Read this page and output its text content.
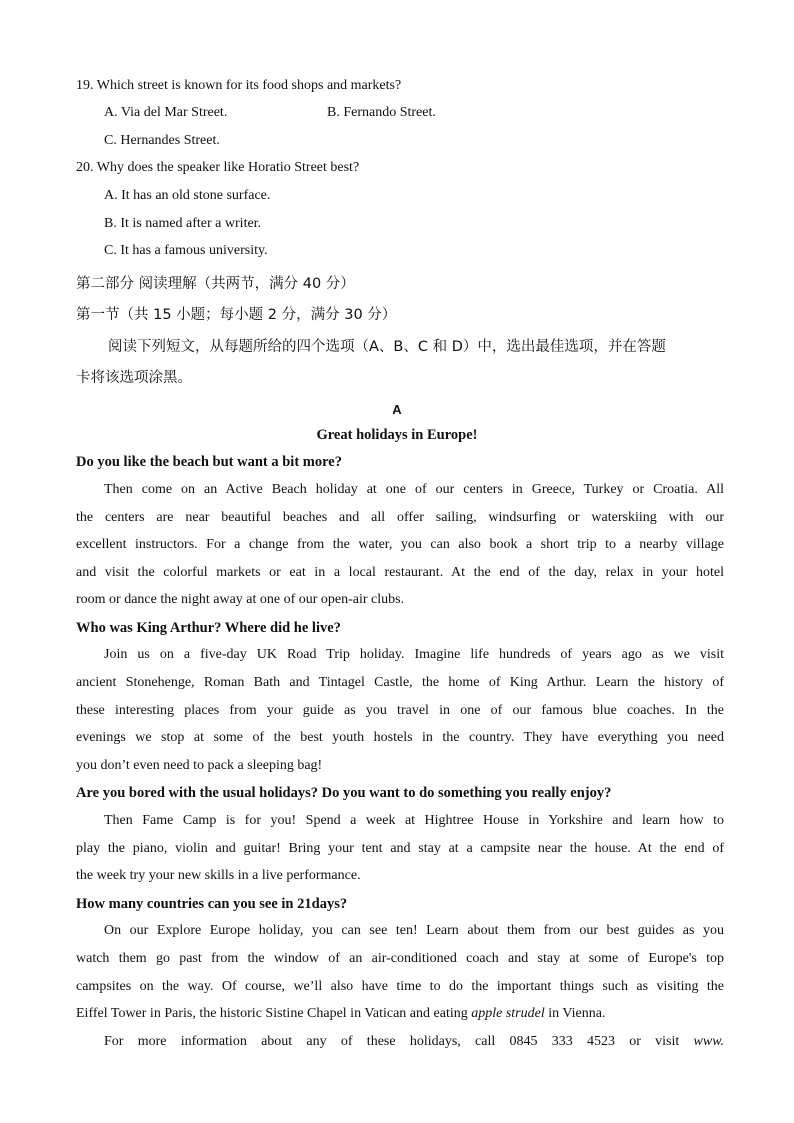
19. Which street is known for its food shops and markets?
A. Via del Mar Street.	B. Fernando Street.
C. Hernandes Street.
20. Why does the speaker like Horatio Street best?
A. It has an old stone surface.
B. It is named after a writer.
C. It has a famous university.
第二部分 阅读理解（共两节，满分 40 分）
第一节（共 15 小题；每小题 2 分，满分 30 分）
阅读下列短文，从每题所给的四个选项（A、B、C 和 D）中，选出最佳选项，并在答题
卡将该选项涂黑。
A
Great holidays in Europe!
Do you like the beach but want a bit more?
Then come on an Active Beach holiday at one of our centers in Greece, Turkey or Croatia. All
the centers are near beautiful beaches and all offer sailing, windsurfing or waterskiing with our
excellent instructors. For a change from the water, you can also book a short trip to a nearby village
and visit the colorful markets or eat in a local restaurant. At the end of the day, relax in your hotel
room or dance the night away at one of our open-air clubs.
Who was King Arthur? Where did he live?
Join us on a five-day UK Road Trip holiday. Imagine life hundreds of years ago as we visit
ancient Stonehenge, Roman Bath and Tintagel Castle, the home of King Arthur. Learn the history of
these interesting places from your guide as you travel in one of our famous blue coaches. In the
evenings we stop at some of the best youth hostels in the country. They have everything you need
you don’t even need to pack a sleeping bag!
Are you bored with the usual holidays? Do you want to do something you really enjoy?
Then Fame Camp is for you! Spend a week at Hightree House in Yorkshire and learn how to
play the piano, violin and guitar! Bring your tent and stay at a campsite near the house. At the end of
the week try your new skills in a live performance.
How many countries can you see in 21days?
On our Explore Europe holiday, you can see ten! Learn about them from our best guides as you
watch them go past from the window of an air-conditioned coach and stay at some of Europe's top
campsites on the way. Of course, we’ll also have time to do the important things such as visiting the
Eiffel Tower in Paris, the historic Sistine Chapel in Vatican and eating apple strudel in Vienna.
For more information about any of these holidays, call 0845 333 4523 or visit www.
